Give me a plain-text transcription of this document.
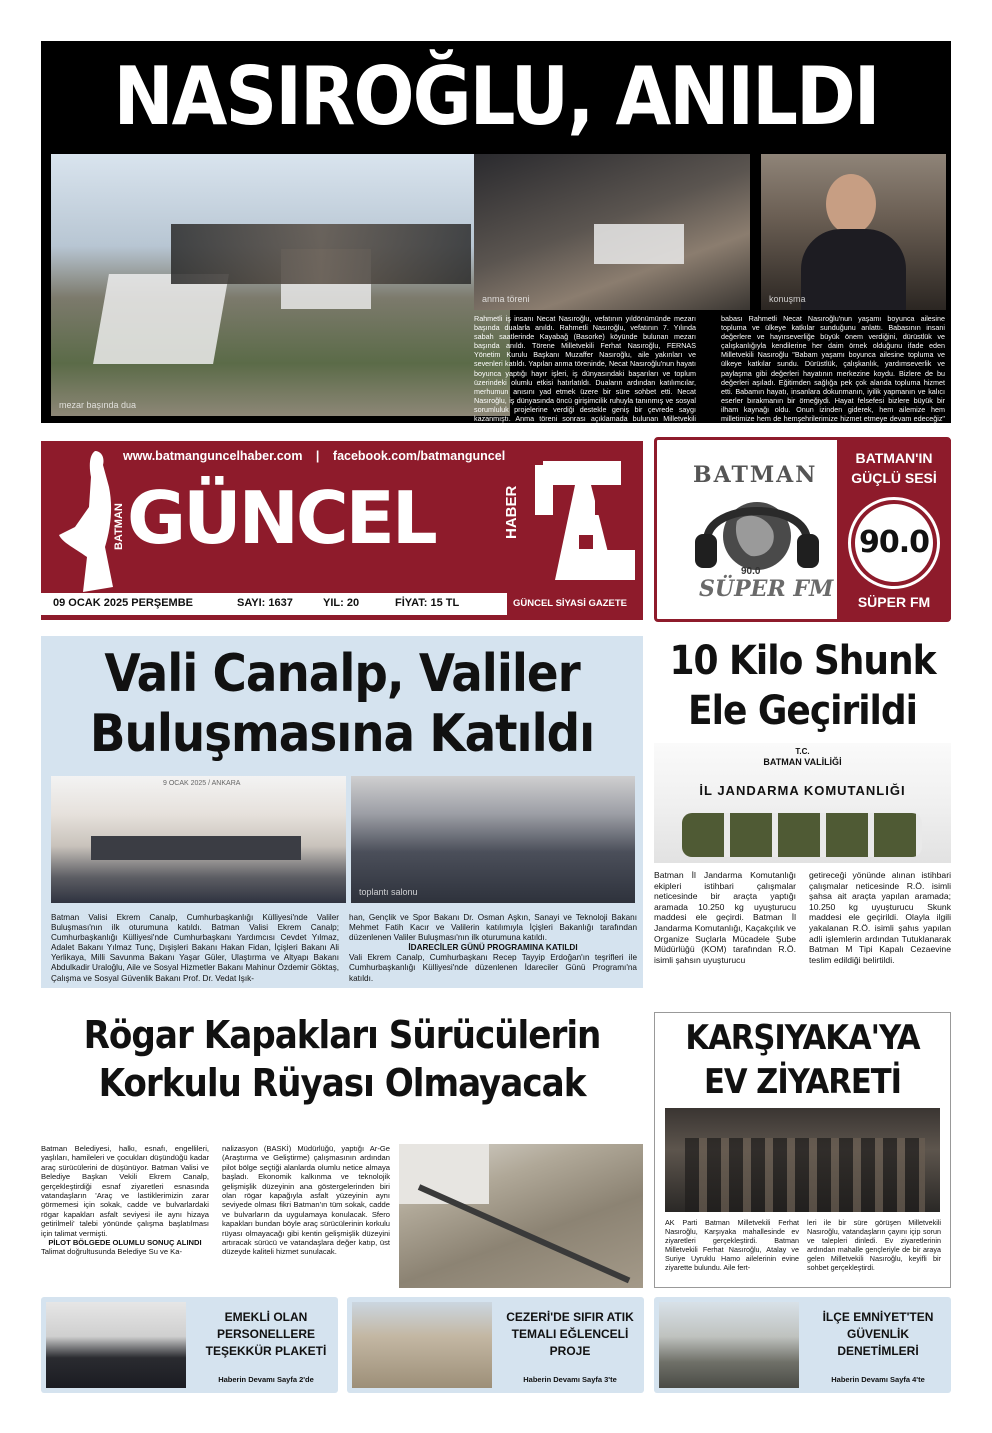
NASIROĞLU, ANILDI
mezar başında dua
anma töreni	konuşma
Rahmetli iş insanı Necat Nasıroğlu, vefatının yıldönümünde mezarı başında dualarla anıldı. Rahmetli Nasıroğlu, vefatının 7. Yılında sabah saatlerinde Kayabağ (Basorke) köyünde bulunan mezarı başında anıldı. Törene Milletvekili Ferhat Nasıroğlu, FERNAS Yönetim Kurulu Başkanı Muzaffer Nasıroğlu, aile yakınları ve sevenleri katıldı. Yapılan anma töreninde, Necat Nasıroğlu'nun hayatı boyunca yaptığı hayır işleri, iş dünyasındaki başarıları ve toplum üzerindeki olumlu etkisi hatırlatıldı. Duaların ardından katılımcılar, merhumun anısını yad etmek üzere bir süre sohbet etti. Necat Nasıroğlu, iş dünyasında öncü girişimcilik ruhuyla tanınmış ve sosyal sorumluluk projelerine verdiği destekle geniş bir çevrede saygı kazanmıştı. Anma töreni sonrası açıklamada bulunan Milletvekili Ferhat Nasıroğlu,
babası Rahmetli Necat Nasıroğlu'nun yaşamı boyunca ailesine topluma ve ülkeye katkılar sunduğunu anlattı. Babasının insani değerlere ve hayırseverliğe büyük önem verdiğini, dürüstlük ve çalışkanlığıyla kendilerine her daim örnek olduğunu ifade eden Milletvekili Nasıroğlu "Babam yaşamı boyunca ailesine topluma ve ülkeye katkılar sundu. Dürüstlük, çalışkanlık, yardımseverlik ve paylaşma gibi değerleri hayatının merkezine koydu. Bizlere de bu değerleri aşıladı. Eğitimden sağlığa pek çok alanda topluma hizmet etti. Babamın hayatı, insanlara dokunmanın, iyilik yapmanın ve kalıcı eserler bırakmanın bir örneğiydi. Hayat felsefesi bizlere büyük bir ilham kaynağı oldu. Onun izinden giderek, hem ailemize hem milletimize hem de hemşehrilerimize hizmet etmeye devam edeceğiz" dedi.
www.batmanguncelhaber.com | facebook.com/batmanguncel
BATMAN GÜNCEL	HABER
09 OCAK 2025 PERŞEMBE	SAYI: 1637	YIL: 20	FİYAT: 15 TL	GÜNCEL SİYASİ GAZETE
BATMAN
90.0
SÜPER FM
BATMAN'IN
GÜÇLÜ SESİ
90.0
SÜPER FM
Vali Canalp, Valiler
Buluşmasına Katıldı
9 OCAK 2025 / ANKARA
toplantı salonu
Batman Valisi Ekrem Canalp, Cumhurbaşkanlığı Külliyesi'nde Valiler Buluşması'nın ilk oturumuna katıldı. Batman Valisi Ekrem Canalp; Cumhurbaşkanlığı Külliyesi'nde Cumhurbaşkanı Yardımcısı Cevdet Yılmaz, Adalet Bakanı Yılmaz Tunç, Dışişleri Bakanı Hakan Fidan, İçişleri Bakanı Ali Yerlikaya, Milli Savunma Bakanı Yaşar Güler, Ulaştırma ve Altyapı Bakanı Abdulkadir Uraloğlu, Aile ve Sosyal Hizmetler Bakanı Mahinur Özdemir Göktaş, Çalışma ve Sosyal Güvenlik Bakanı Prof. Dr. Vedat Işık-
han, Gençlik ve Spor Bakanı Dr. Osman Aşkın, Sanayi ve Teknoloji Bakanı Mehmet Fatih Kacır ve Valilerin katılımıyla İçişleri Bakanlığı tarafından düzenlenen Valiler Buluşması'nın ilk oturumuna katıldı.
İDARECİLER GÜNÜ PROGRAMINA KATILDI
Vali Ekrem Canalp, Cumhurbaşkanı Recep Tayyip Erdoğan'ın teşrifleri ile Cumhurbaşkanlığı Külliyesi'nde düzenlenen İdareciler Günü Programı'na katıldı.
10 Kilo Shunk
Ele Geçirildi
T.C.
BATMAN VALİLİĞİ
İL JANDARMA KOMUTANLIĞI
Batman İl Jandarma Komutanlığı ekipleri istihbari çalışmalar neticesinde bir araçta yaptığı aramada 10.250 kg uyuşturucu maddesi ele geçirdi. Batman İl Jandarma Komutanlığı, Kaçakçılık ve Organize Suçlarla Mücadele Şube Müdürlüğü (KOM) tarafından R.Ö. isimli şahsın uyuşturucu
getireceği yönünde alınan istihbari çalışmalar neticesinde R.Ö. isimli şahsa ait araçta yapılan aramada; 10.250 kg uyuşturucu Skunk maddesi ele geçirildi. Olayla ilgili yakalanan R.Ö. isimli şahıs yapılan adli işlemlerin ardından Tutuklanarak Batman M Tipi Kapalı Cezaevine teslim edildiği belirtildi.
Rögar Kapakları Sürücülerin
Korkulu Rüyası Olmayacak
Batman Belediyesi, halkı, esnafı, engellileri, yaşlıları, hamileleri ve çocukları düşündüğü kadar araç sürücülerini de düşünüyor. Batman Valisi ve Belediye Başkan Vekili Ekrem Canalp, gerçekleştirdiği esnaf ziyaretleri esnasında vatandaşların 'Araç ve lastiklerimizin zarar görmemesi için sokak, cadde ve bulvarlardaki rögar kapakları asfalt seviyesi ile aynı hizaya getirilmeli' talebi yönünde çalışma başlatılması için talimat vermişti.
PİLOT BÖLGEDE OLUMLU SONUÇ ALINDI
Talimat doğrultusunda Belediye Su ve Ka-
nalizasyon (BASKİ) Müdürlüğü, yaptığı Ar-Ge (Araştırma ve Geliştirme) çalışmasının ardından pilot bölge seçtiği alanlarda olumlu netice almaya başladı. Ekonomik kalkınma ve teknolojik gelişmişlik düzeyinin ana göstergelerinden biri olan rögar kapağıyla asfalt yüzeyinin aynı seviyede olması fikri Batman'ın tüm sokak, cadde ve bulvarların da uygulamaya konulacak. Sfero kapakları bundan böyle araç sürücülerinin korkulu rüyası olmayacağı gibi kentin gelişmişlik düzeyini artıracak sürücü ve vatandaşlara değer katıp, üst düzeyde kaliteli hizmet sunulacak.
KARŞIYAKA'YA
EV ZİYARETİ
AK Parti Batman Milletvekili Ferhat Nasıroğlu, Karşıyaka mahallesinde ev ziyaretleri gerçekleştirdi. Batman Milletvekili Ferhat Nasıroğlu, Atalay ve Suriye Uyruklu Hamo ailelerinin evine ziyarette bulundu. Aile fert-
leri ile bir süre görüşen Milletvekili Nasıroğlu, vatandaşların çayını içip sorun ve talepleri dinledi. Ev ziyaretlerinin ardından mahalle gençleriyle de bir araya gelen Milletvekili Nasıroğlu, keyifli bir sohbet gerçekleştirdi.
EMEKLİ OLAN PERSONELLERE TEŞEKKÜR PLAKETİ
Haberin Devamı Sayfa 2'de
CEZERİ'DE SIFIR ATIK TEMALI EĞLENCELİ PROJE
Haberin Devamı Sayfa 3'te
İLÇE EMNİYET'TEN GÜVENLİK DENETİMLERİ
Haberin Devamı Sayfa 4'te
